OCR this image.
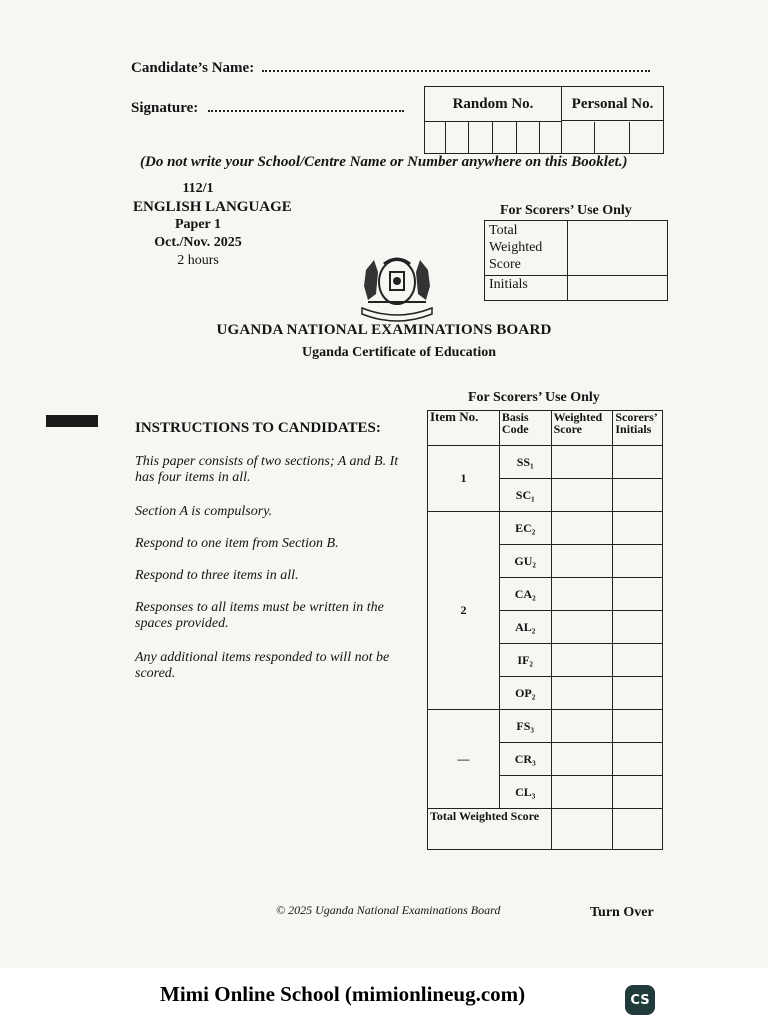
Candidate’s Name:
Signature:	Random No.	Personal No.
(Do not write your School/Centre Name or Number anywhere on this Booklet.)
112/1
ENGLISH LANGUAGE
Paper 1
Oct./Nov. 2025
2 hours
For Scorers’ Use Only
Total Weighted Score	
Initials	
UGANDA NATIONAL EXAMINATIONS BOARD
Uganda Certificate of Education

INSTRUCTIONS TO CANDIDATES:

This paper consists of two sections; A and B. It has four items in all.

Section A is compulsory.

Respond to one item from Section B.

Respond to three items in all.

Responses to all items must be written in the spaces provided.

Any additional items responded to will not be scored.

For Scorers’ Use Only
Item No.	Basis Code	Weighted Score	Scorers’ Initials
1	SS₁		
	SC₁		
2	EC₂		
	GU₂		
	CA₂		
	AL₂		
	IF₂		
	OP₂		
—	FS₃		
	CR₃		
	CL₃		
Total Weighted Score			
© 2025 Uganda National Examinations Board	Turn Over
Mimi Online School (mimionlineug.com)	CS
